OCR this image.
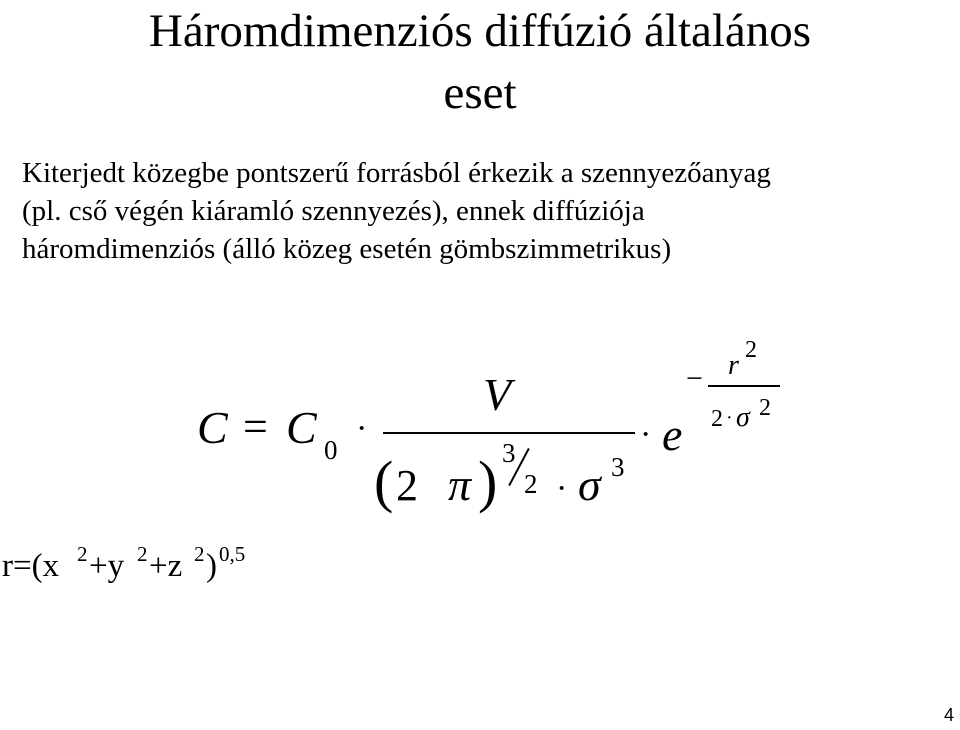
Háromdimenziós diffúzió általános
eset
Kiterjedt közegbe pontszerű forrásból érkezik a szennyezőanyag
(pl. cső végén kiáramló szennyezés), ennek diffúziója
háromdimenziós (álló közeg esetén gömbszimmetrikus)
C = C 0
·
V
( 2 π ) 3
2 · σ 3
· e
− r 2
2 · σ 2
r=(x 2 +y 2 +z 2 ) 0,5
4
